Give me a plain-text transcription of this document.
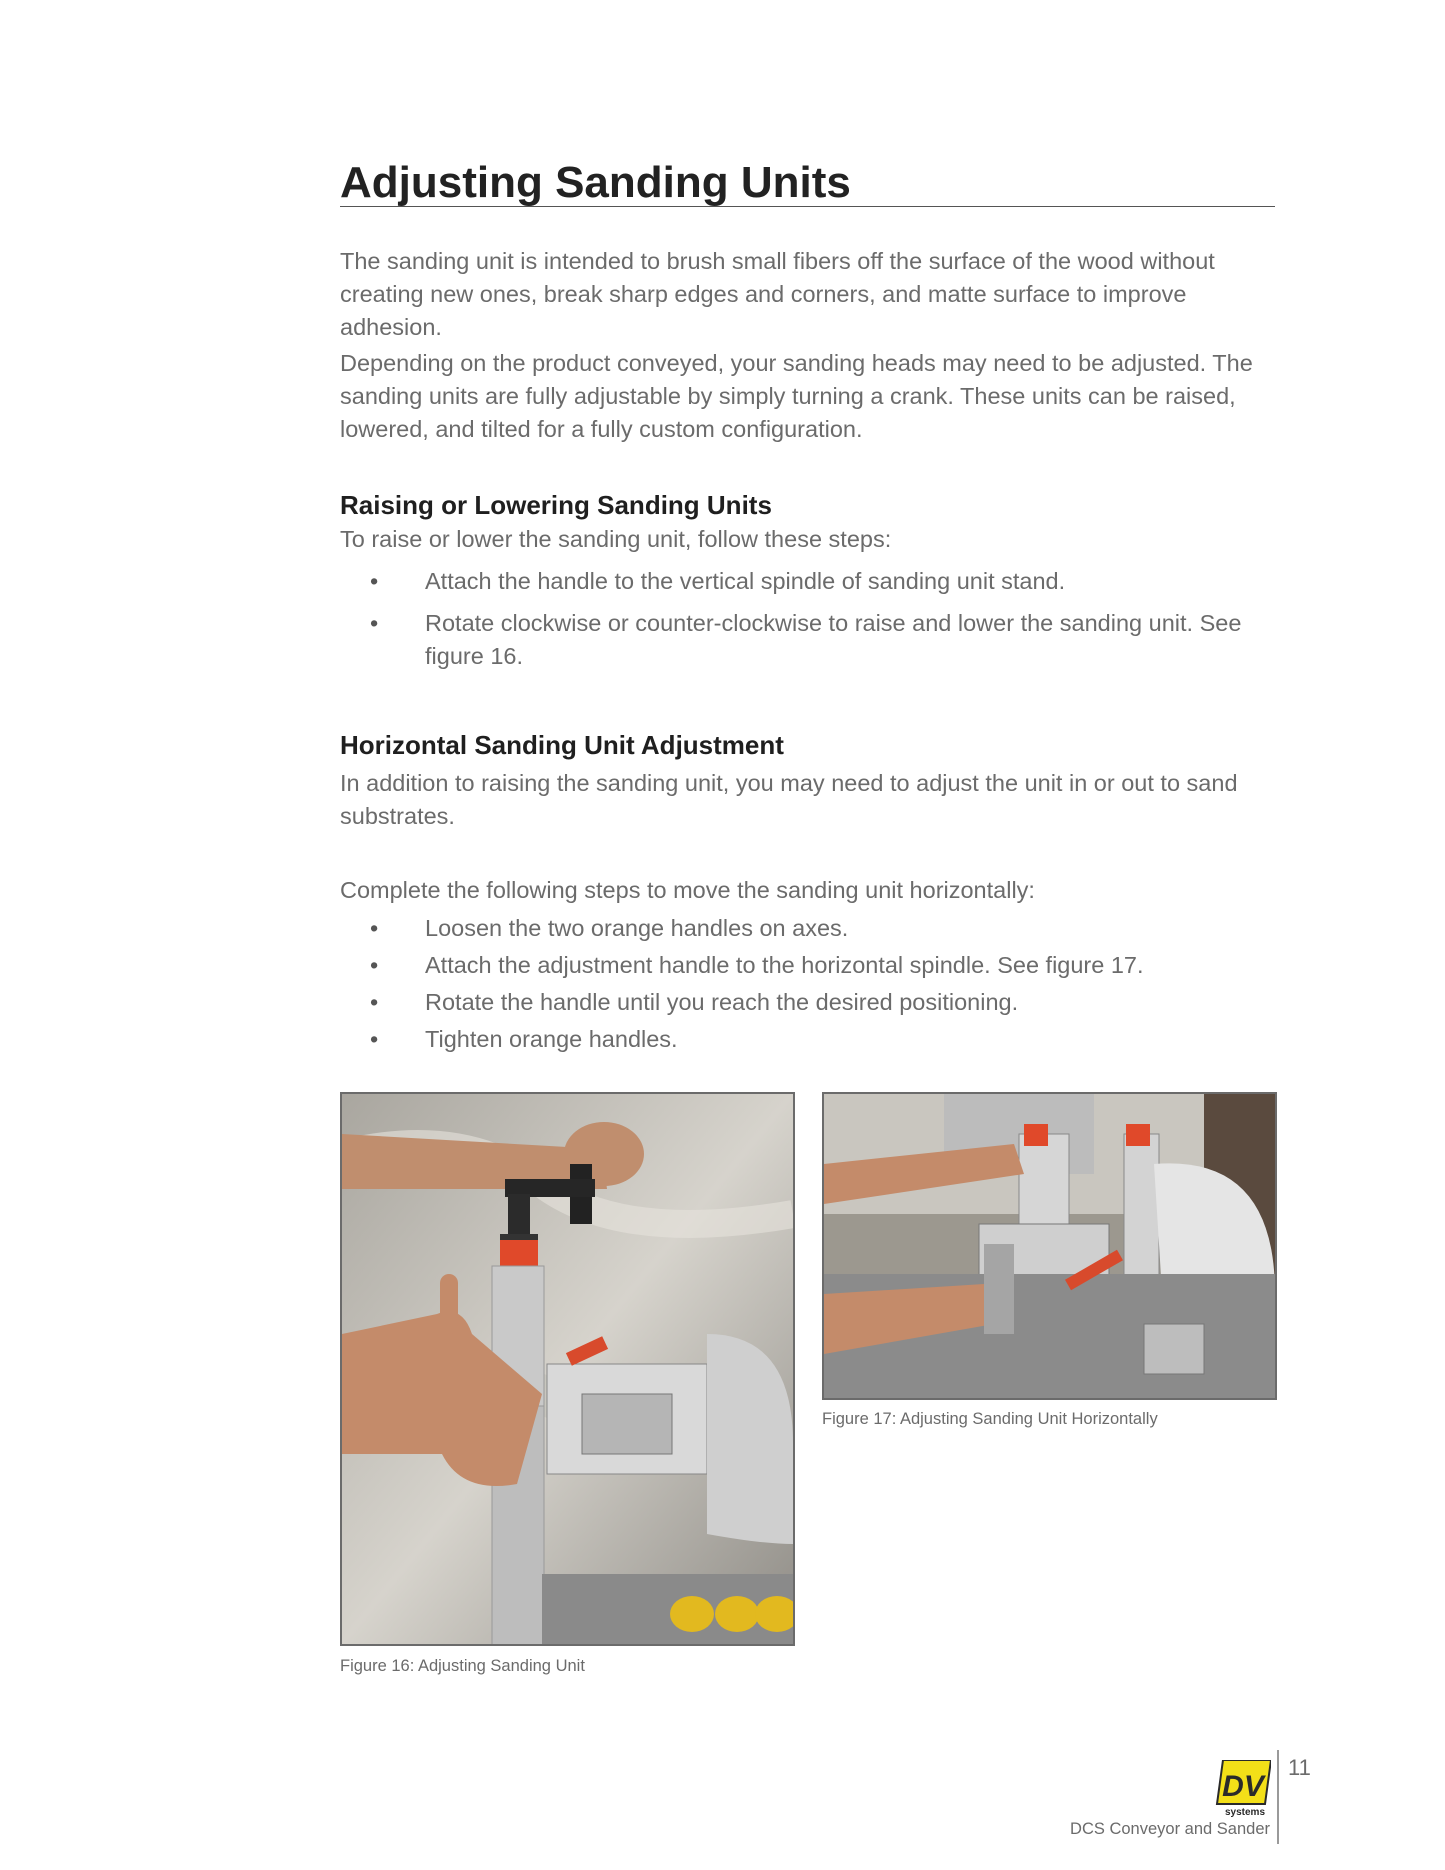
Adjusting Sanding Units

The sanding unit is intended to brush small fibers off the surface of the wood without creating new ones, break sharp edges and corners, and matte surface to improve adhesion.

Depending on the product conveyed, your sanding heads may need to be adjusted. The sanding units are fully adjustable by simply turning a crank. These units can be raised, lowered, and tilted for a fully custom configuration.

Raising or Lowering Sanding Units

To raise or lower the sanding unit, follow these steps:

• Attach the handle to the vertical spindle of sanding unit stand.
• Rotate clockwise or counter-clockwise to raise and lower the sanding unit. See figure 16.
Horizontal Sanding Unit Adjustment

In addition to raising the sanding unit, you may need to adjust the unit in or out to sand substrates.

Complete the following steps to move the sanding unit horizontally:

• Loosen the two orange handles on axes.
• Attach the adjustment handle to the horizontal spindle. See figure 17.
• Rotate the handle until you reach the desired positioning.
• Tighten orange handles.

Figure 16: Adjusting Sanding Unit

Figure 17: Adjusting Sanding Unit Horizontally

DV
systems
11
DCS Conveyor and Sander
